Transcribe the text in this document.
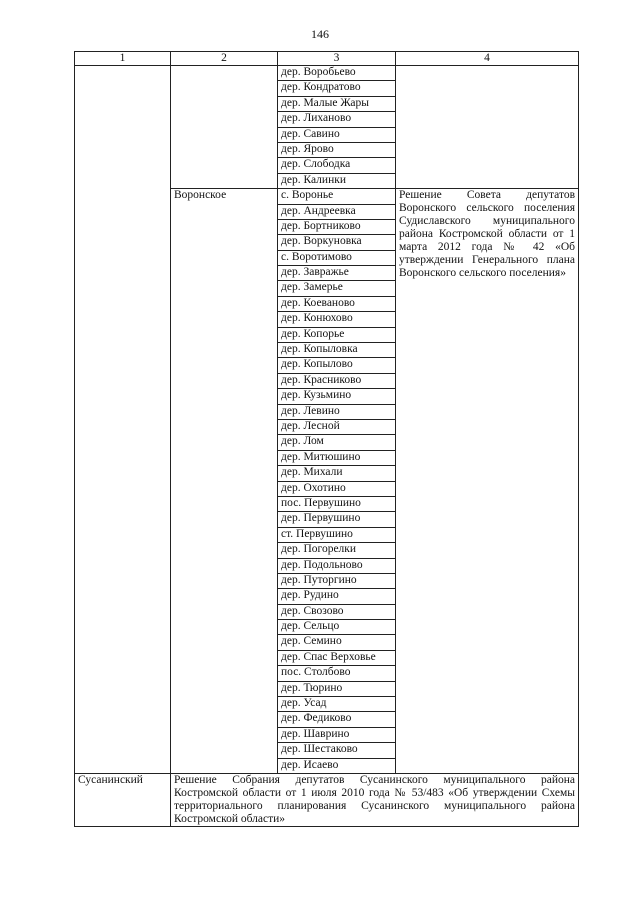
146
1	2	3	4
		дер. Воробьево	
		дер. Кондратово	
		дер. Малые Жары	
		дер. Лиханово	
		дер. Савино	
		дер. Ярово	
		дер. Слободка	
		дер. Калинки	
	Воронское	с. Воронье	Решение Совета депутатов Воронского сельского поселения Судиславского муниципального района Костромской области от 1 марта 2012 года № 42 «Об утверждении Генерального плана Воронского сельского поселения»

		дер. Андреевка	
		дер. Бортниково	
		дер. Воркуновка	
		с. Воротимово	
		дер. Завражье	
		дер. Замерье	
		дер. Коеваново	
		дер. Конюхово	
		дер. Копорье	
		дер. Копыловка	
		дер. Копылово	
		дер. Красниково	
		дер. Кузьмино	
		дер. Левино	
		дер. Лесной	
		дер. Лом	
		дер. Митюшино	
		дер. Михали	
		дер. Охотино	
		пос. Первушино	
		дер. Первушино	
		ст. Первушино	
		дер. Погорелки	
		дер. Подольново	
		дер. Путоргино	
		дер. Рудино	
		дер. Свозово	
		дер. Сельцо	
		дер. Семино	
		дер. Спас Верховье	
		пос. Столбово	
		дер. Тюрино	
		дер. Усад	
		дер. Федиково	
		дер. Шаврино	
		дер. Шестаково	
		дер. Исаево	
Сусанинский	Решение Собрания депутатов Сусанинского муниципального района Костромской области от 1 июля 2010 года № 53/483 «Об утверждении Схемы территориального планирования Сусанинского муниципального района Костромской области»		
